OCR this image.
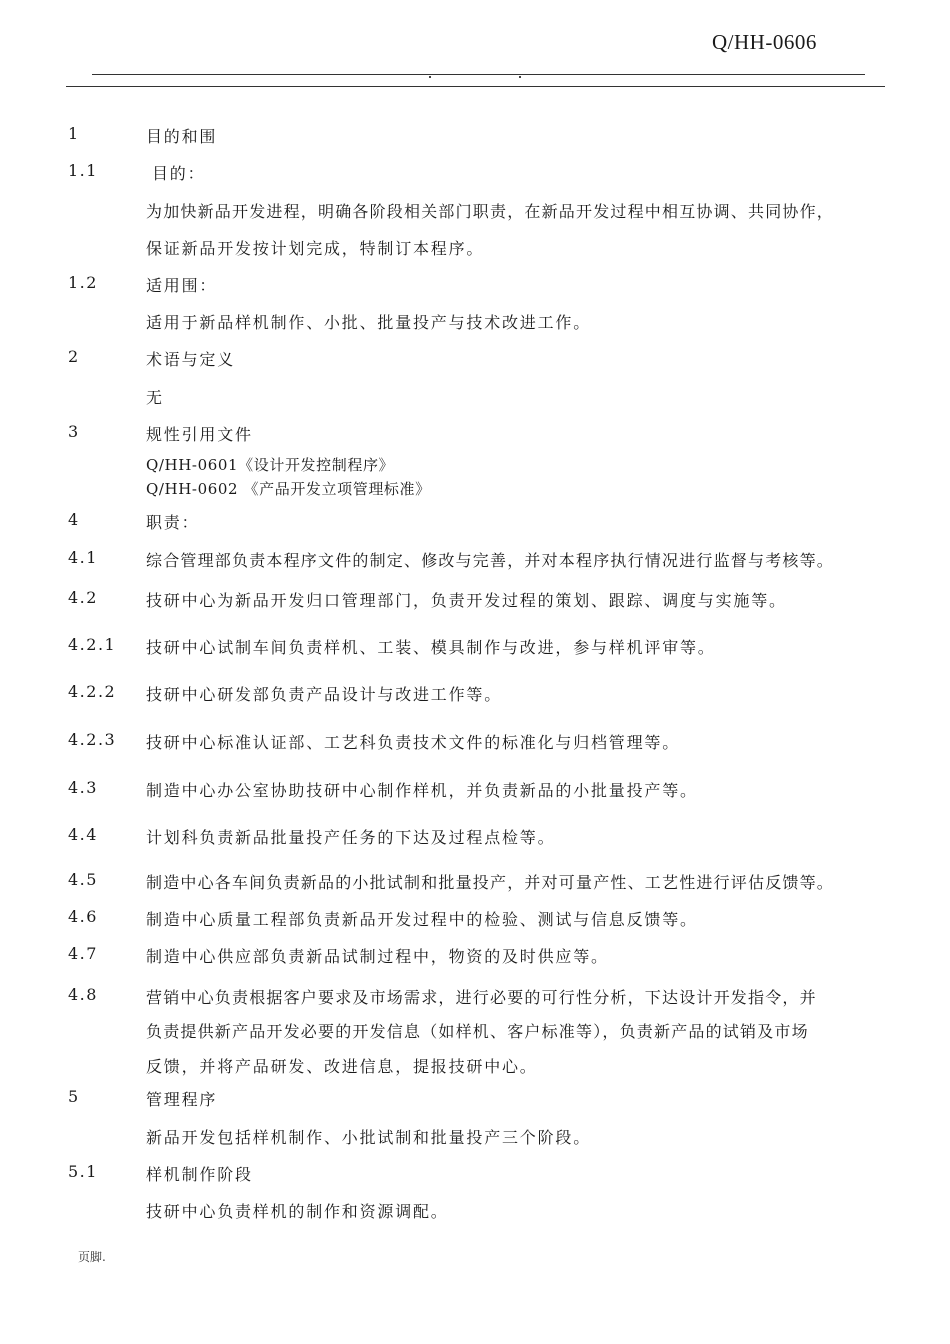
Q/HH-0606
1	目的和围
1.1	目的：
为加快新品开发进程，明确各阶段相关部门职责，在新品开发过程中相互协调、共同协作，
保证新品开发按计划完成，特制订本程序。
1.2	适用围：
适用于新品样机制作、小批、批量投产与技术改进工作。
2	术语与定义
无
3	规性引用文件
Q/HH-0601《设计开发控制程序》
Q/HH-0602 《产品开发立项管理标准》
4	职责：
4.1	综合管理部负责本程序文件的制定、修改与完善，并对本程序执行情况进行监督与考核等。
4.2	技研中心为新品开发归口管理部门，负责开发过程的策划、跟踪、调度与实施等。
4.2.1 技研中心试制车间负责样机、工装、模具制作与改进，参与样机评审等。
4.2.2 技研中心研发部负责产品设计与改进工作等。
4.2.3 技研中心标准认证部、工艺科负责技术文件的标准化与归档管理等。
4.3	制造中心办公室协助技研中心制作样机，并负责新品的小批量投产等。
4.4	计划科负责新品批量投产任务的下达及过程点检等。
4.5	制造中心各车间负责新品的小批试制和批量投产，并对可量产性、工艺性进行评估反馈等。
4.6	制造中心质量工程部负责新品开发过程中的检验、测试与信息反馈等。
4.7	制造中心供应部负责新品试制过程中，物资的及时供应等。
4.8	营销中心负责根据客户要求及市场需求，进行必要的可行性分析，下达设计开发指令，并
负责提供新产品开发必要的开发信息（如样机、客户标准等），负责新产品的试销及市场
反馈，并将产品研发、改进信息，提报技研中心。
5	管理程序
新品开发包括样机制作、小批试制和批量投产三个阶段。
5.1	样机制作阶段
技研中心负责样机的制作和资源调配。
页脚.
